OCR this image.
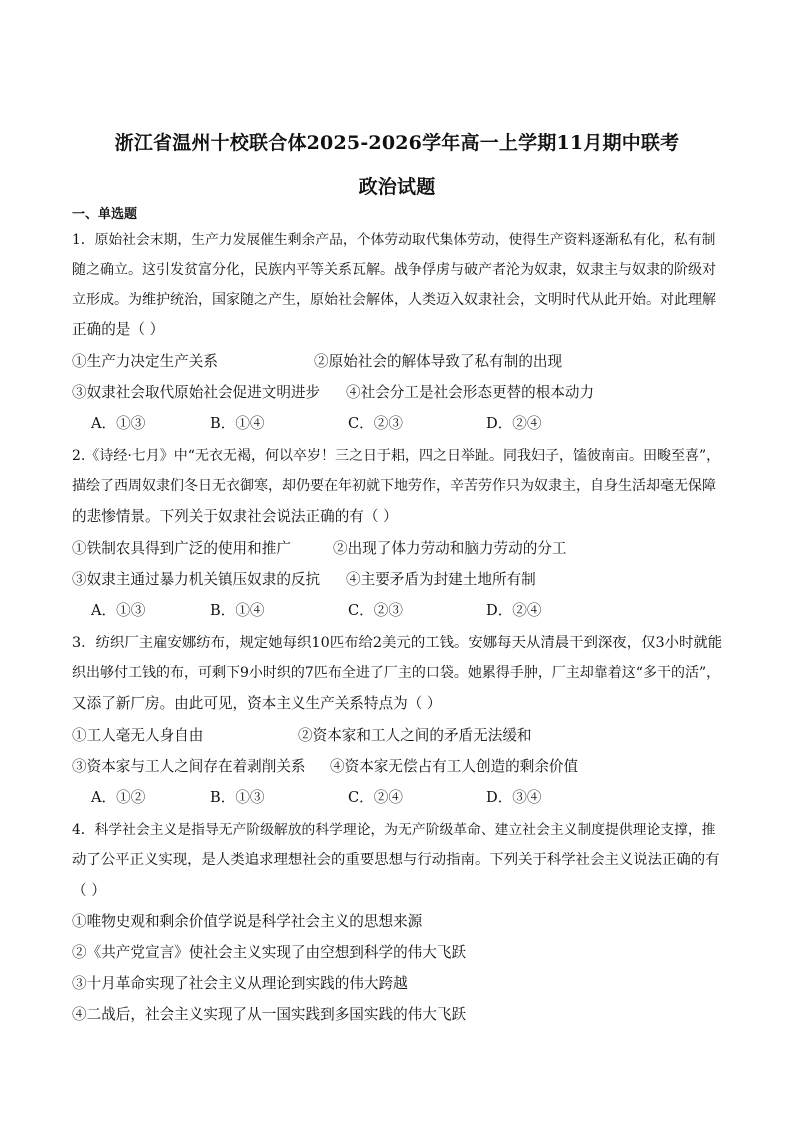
浙江省温州十校联合体2025-2026学年高一上学期11月期中联考
政治试题
一、单选题
1．原始社会末期，生产力发展催生剩余产品，个体劳动取代集体劳动，使得生产资料逐渐私有化，私有制
随之确立。这引发贫富分化，民族内平等关系瓦解。战争俘虏与破产者沦为奴隶，奴隶主与奴隶的阶级对
立形成。为维护统治，国家随之产生，原始社会解体，人类迈入奴隶社会，文明时代从此开始。对此理解
正确的是（ ）
①生产力决定生产关系	②原始社会的解体导致了私有制的出现
③奴隶社会取代原始社会促进文明进步 ④社会分工是社会形态更替的根本动力
A．①③	B．①④	C．②③	D．②④
2.《诗经·七月》中“无衣无褐，何以卒岁！三之日于耜，四之日举趾。同我妇子，馌彼南亩。田畯至喜”，
描绘了西周奴隶们冬日无衣御寒，却仍要在年初就下地劳作，辛苦劳作只为奴隶主，自身生活却毫无保障
的悲惨情景。下列关于奴隶社会说法正确的有（ ）
①铁制农具得到广泛的使用和推广	②出现了体力劳动和脑力劳动的分工
③奴隶主通过暴力机关镇压奴隶的反抗 ④主要矛盾为封建土地所有制
A．①③	B．①④	C．②③	D．②④
3．纺织厂主雇安娜纺布，规定她每织10匹布给2美元的工钱。安娜每天从清晨干到深夜，仅3小时就能
织出够付工钱的布，可剩下9小时织的7匹布全进了厂主的口袋。她累得手肿，厂主却靠着这“多干的活”，
又添了新厂房。由此可见，资本主义生产关系特点为（ ）
①工人毫无人身自由	②资本家和工人之间的矛盾无法缓和
③资本家与工人之间存在着剥削关系 ④资本家无偿占有工人创造的剩余价值
A．①②	B．①③	C．②④	D．③④
4．科学社会主义是指导无产阶级解放的科学理论，为无产阶级革命、建立社会主义制度提供理论支撑，推
动了公平正义实现，是人类追求理想社会的重要思想与行动指南。下列关于科学社会主义说法正确的有
（ ）
①唯物史观和剩余价值学说是科学社会主义的思想来源
②《共产党宣言》使社会主义实现了由空想到科学的伟大飞跃
③十月革命实现了社会主义从理论到实践的伟大跨越
④二战后，社会主义实现了从一国实践到多国实践的伟大飞跃
